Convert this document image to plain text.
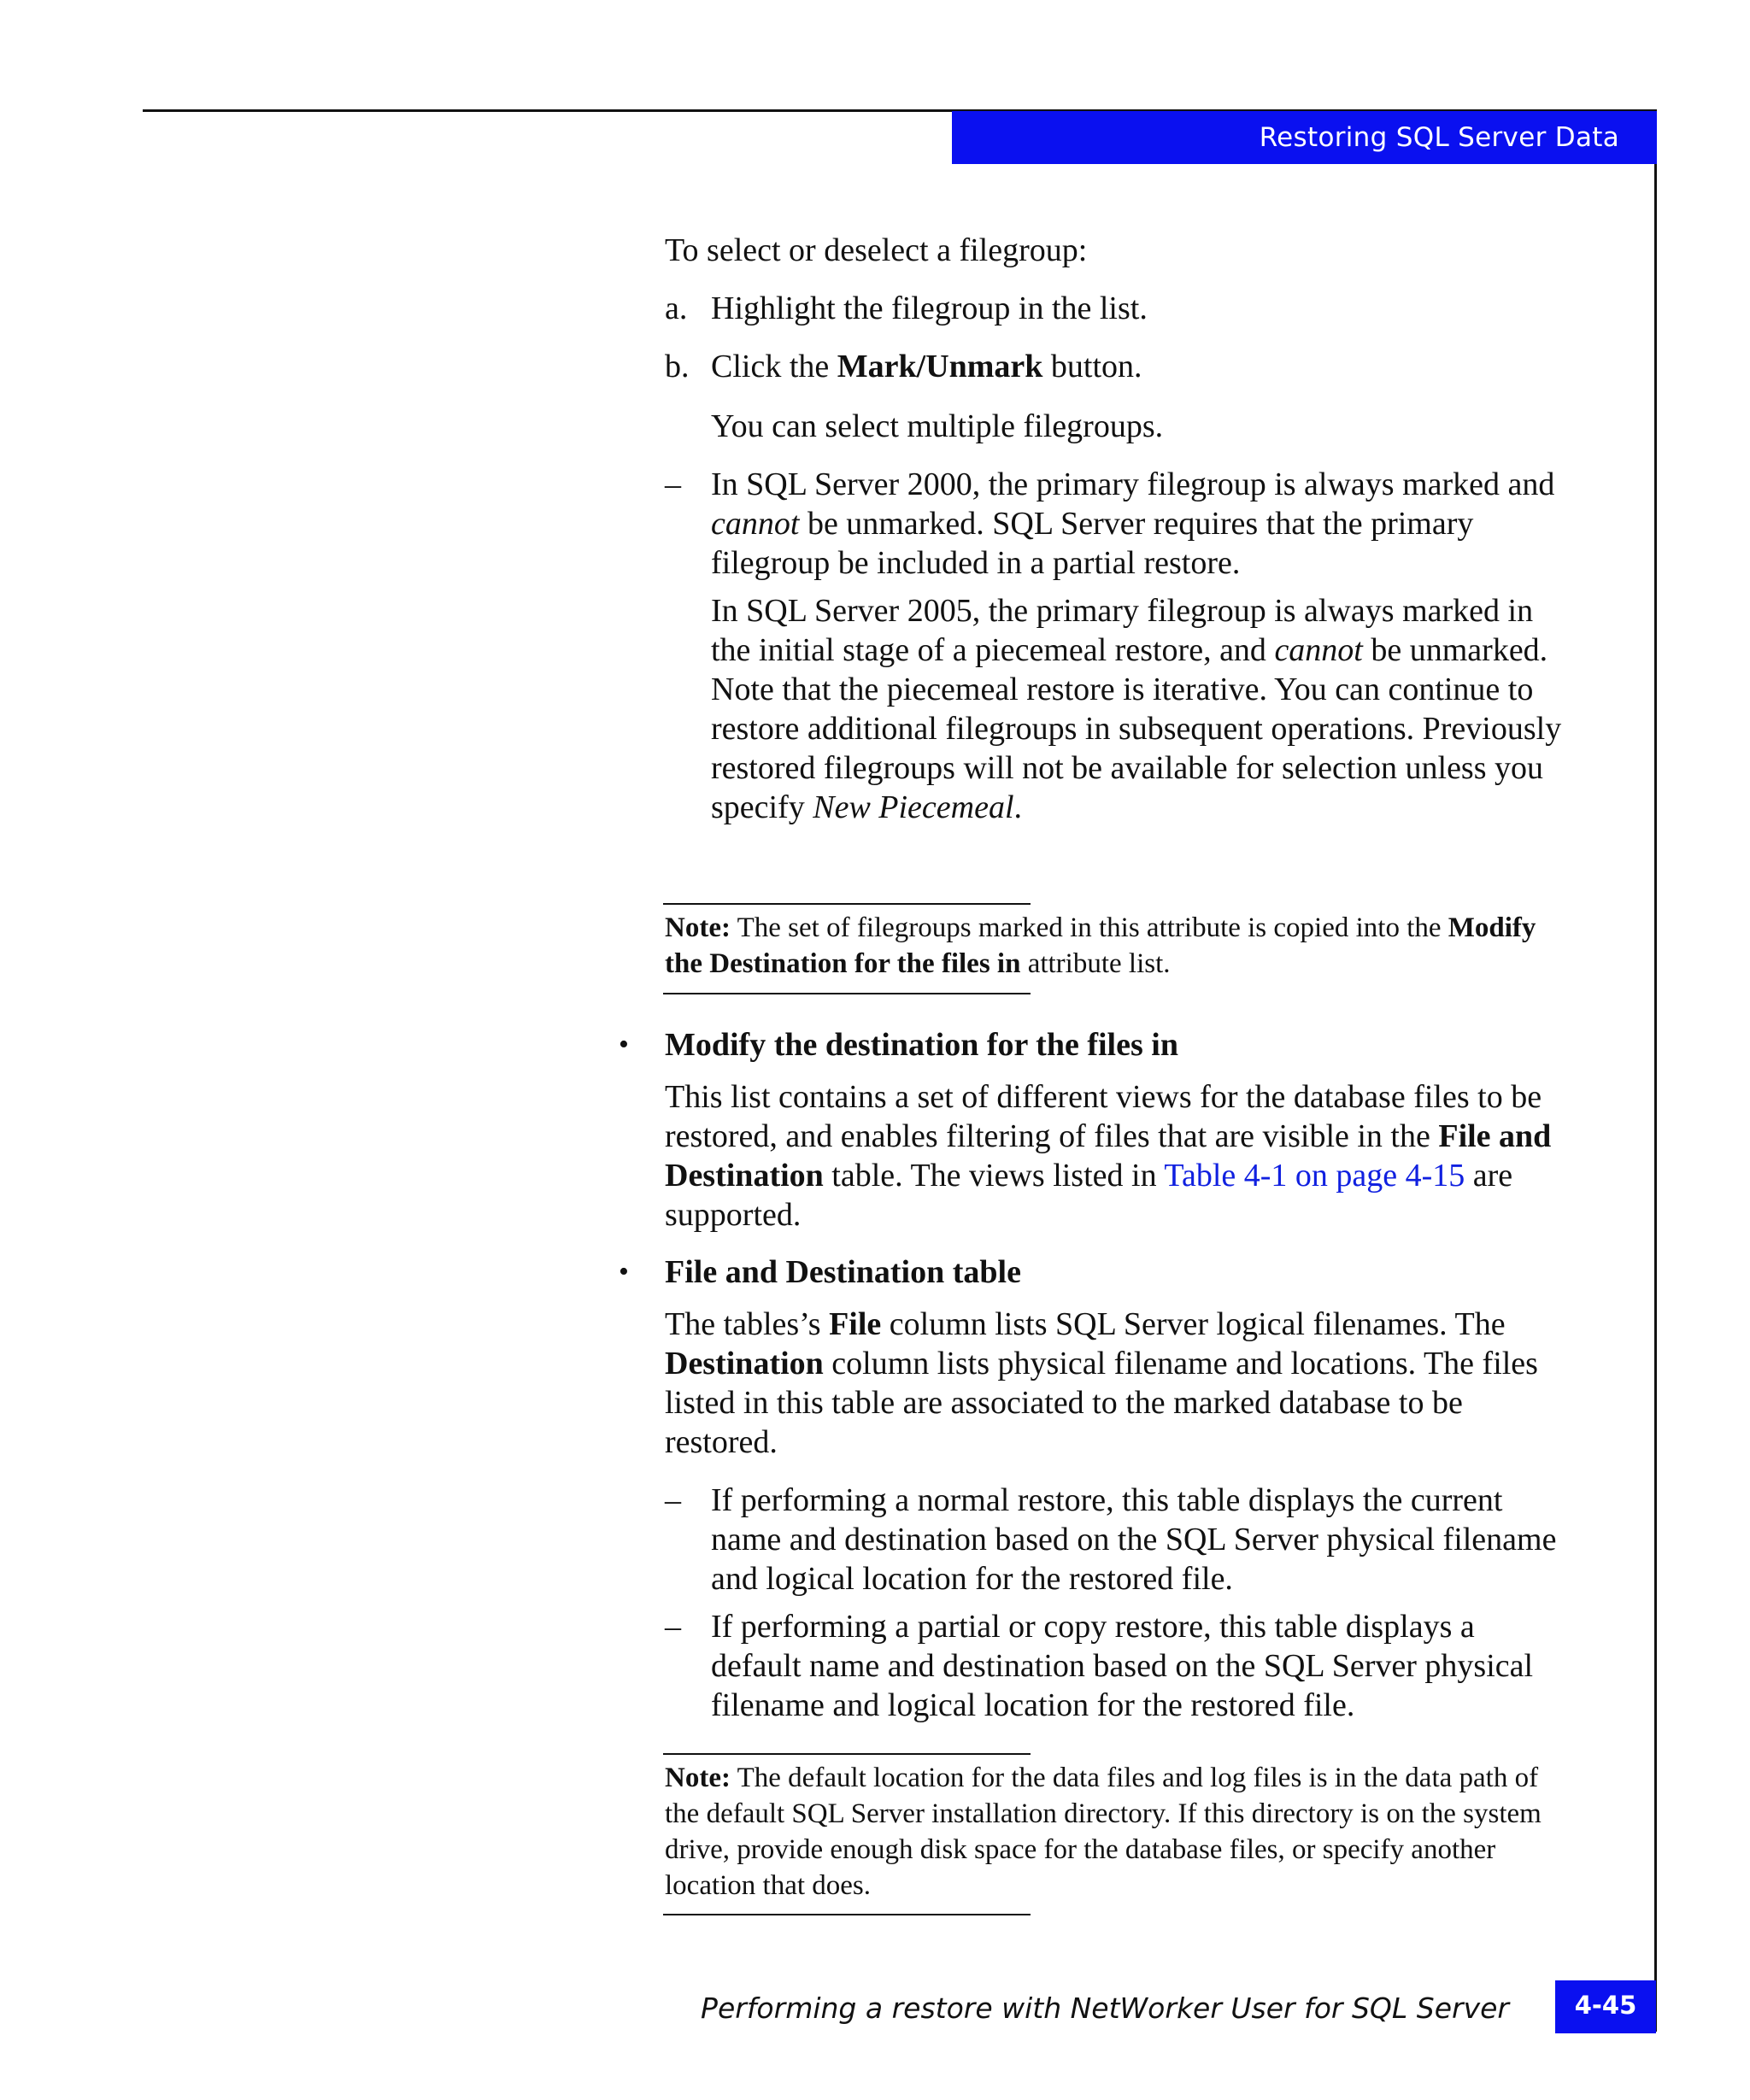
Restoring SQL Server Data

To select or deselect a filegroup:

a. Highlight the filegroup in the list.

b. Click the Mark/Unmark button.

You can select multiple filegroups.

– In SQL Server 2000, the primary filegroup is always marked and cannot be unmarked. SQL Server requires that the primary filegroup be included in a partial restore.

In SQL Server 2005, the primary filegroup is always marked in the initial stage of a piecemeal restore, and cannot be unmarked. Note that the piecemeal restore is iterative. You can continue to restore additional filegroups in subsequent operations. Previously restored filegroups will not be available for selection unless you specify New Piecemeal.

Note: The set of filegroups marked in this attribute is copied into the Modify the Destination for the files in attribute list.

• Modify the destination for the files in

This list contains a set of different views for the database files to be restored, and enables filtering of files that are visible in the File and Destination table. The views listed in Table 4-1 on page 4-15 are supported.

• File and Destination table

The tables’s File column lists SQL Server logical filenames. The Destination column lists physical filename and locations. The files listed in this table are associated to the marked database to be restored.

– If performing a normal restore, this table displays the current name and destination based on the SQL Server physical filename and logical location for the restored file.

– If performing a partial or copy restore, this table displays a default name and destination based on the SQL Server physical filename and logical location for the restored file.

Note: The default location for the data files and log files is in the data path of the default SQL Server installation directory. If this directory is on the system drive, provide enough disk space for the database files, or specify another location that does.

Performing a restore with NetWorker User for SQL Server	4-45
